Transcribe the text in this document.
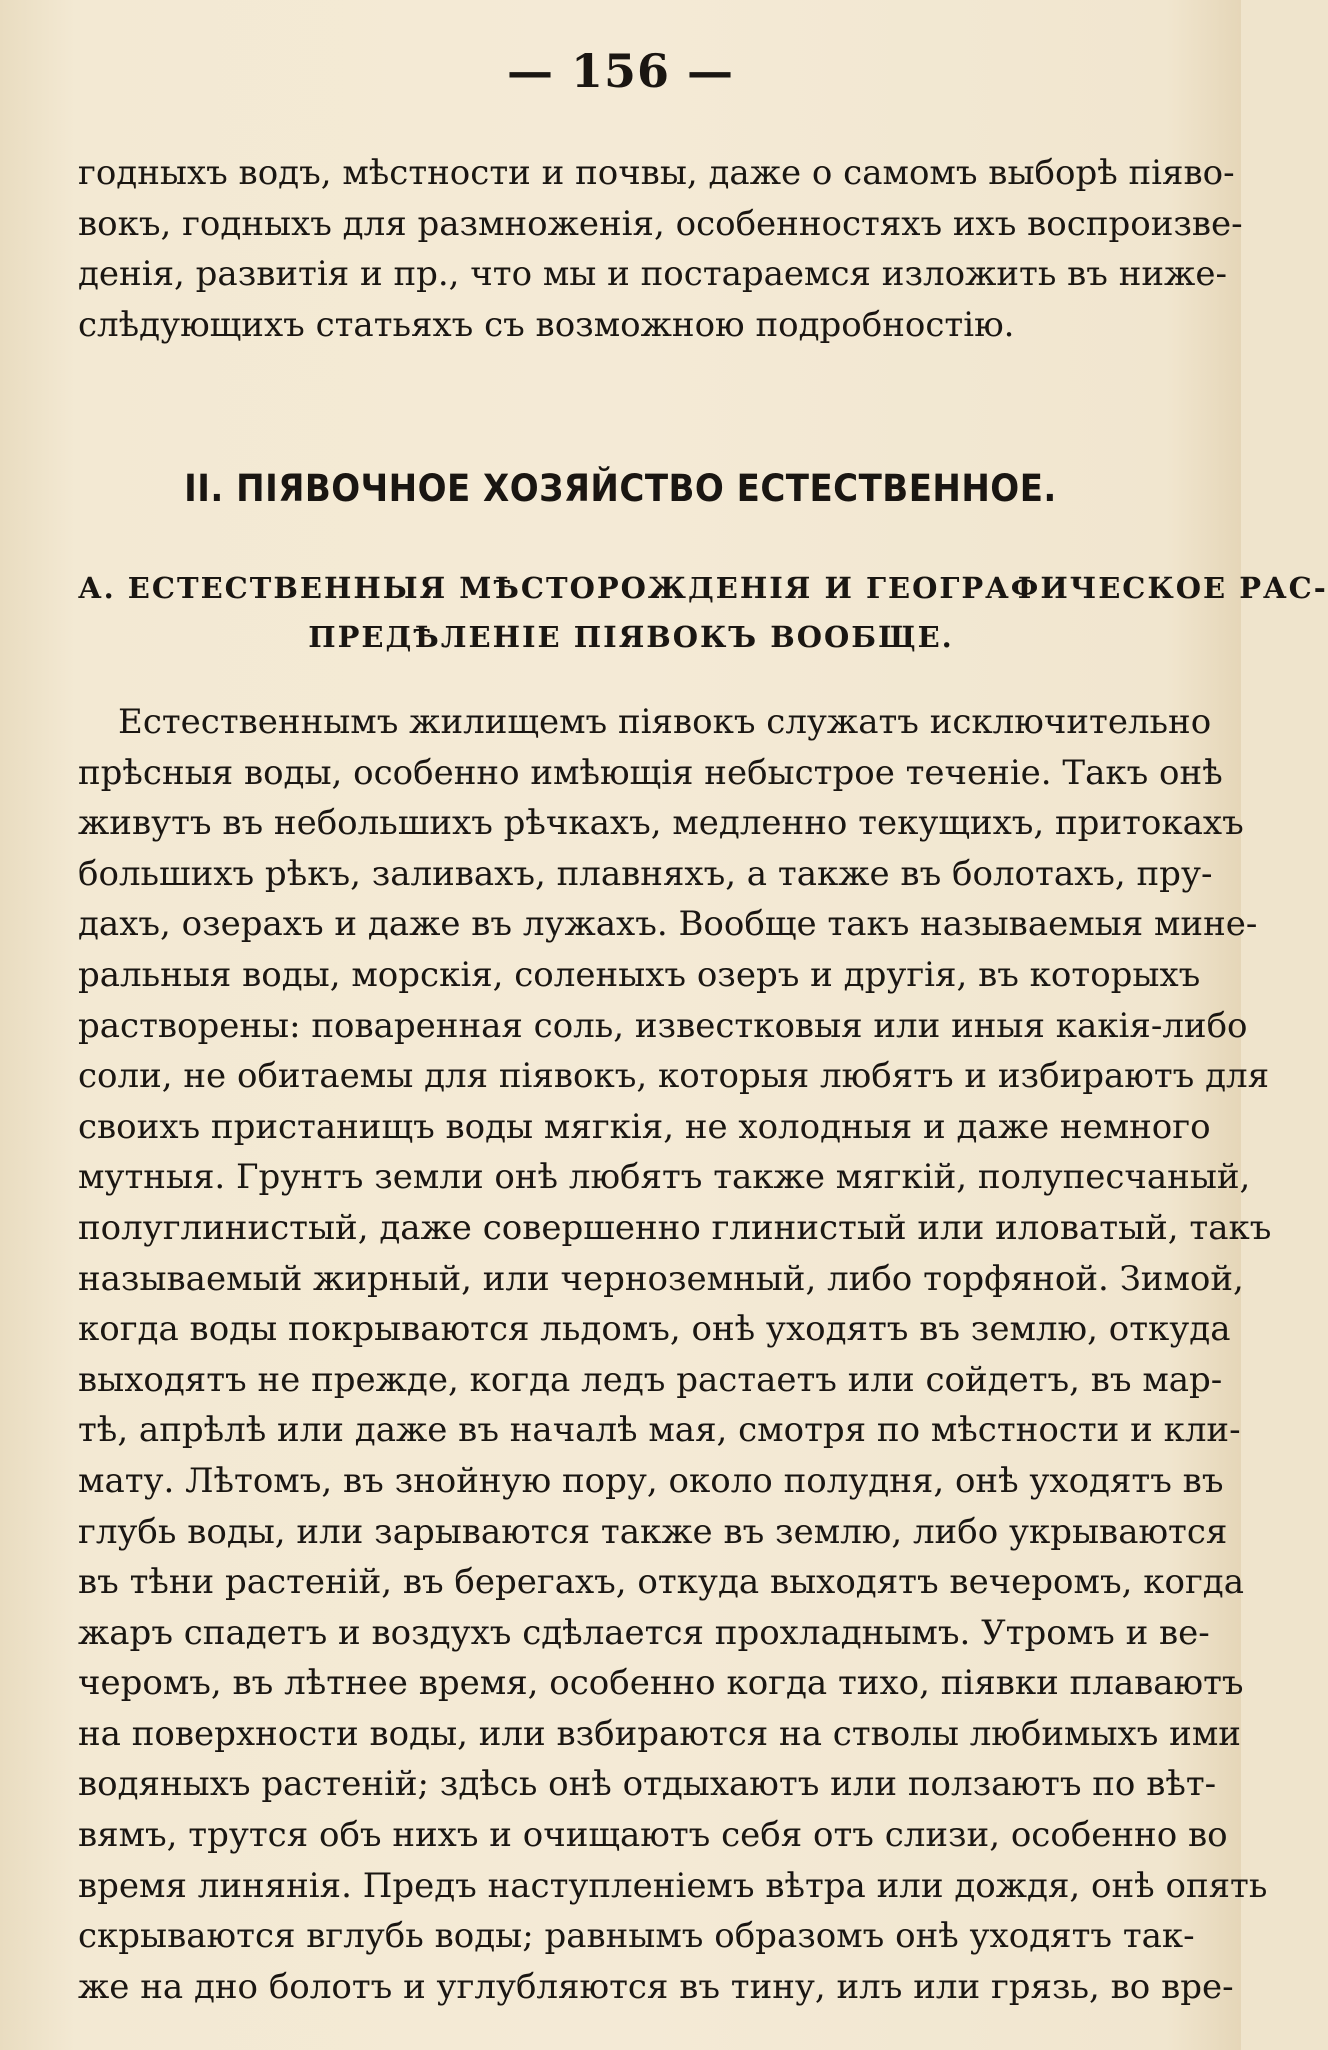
— 156 —
годныхъ водъ, мѣстности и почвы, даже о самомъ выборѣ піяво-
вокъ, годныхъ для размноженія, особенностяхъ ихъ воспроизве-
денія, развитія и пр., что мы и постараемся изложить въ ниже-
слѣдующихъ статьяхъ съ возможною подробностію.
II. ПІЯВОЧНОЕ ХОЗЯЙСТВО ЕСТЕСТВЕННОЕ.
А. ЕСТЕСТВЕННЫЯ МѢСТОРОЖДЕНІЯ И ГЕОГРАФИЧЕСКОЕ РАС-
ПРЕДѢЛЕНІЕ ПІЯВОКЪ ВООБЩЕ.
Естественнымъ жилищемъ піявокъ служатъ исключительно
прѣсныя воды, особенно имѣющія небыстрое теченіе. Такъ онѣ
живутъ въ небольшихъ рѣчкахъ, медленно текущихъ, притокахъ
большихъ рѣкъ, заливахъ, плавняхъ, а также въ болотахъ, пру-
дахъ, озерахъ и даже въ лужахъ. Вообще такъ называемыя мине-
ральныя воды, морскія, соленыхъ озеръ и другія, въ которыхъ
растворены: поваренная соль, известковыя или иныя какія-либо
соли, не обитаемы для піявокъ, которыя любятъ и избираютъ для
своихъ пристанищъ воды мягкія, не холодныя и даже немного
мутныя. Грунтъ земли онѣ любятъ также мягкій, полупесчаный,
полуглинистый, даже совершенно глинистый или иловатый, такъ
называемый жирный, или черноземный, либо торфяной. Зимой,
когда воды покрываются льдомъ, онѣ уходятъ въ землю, откуда
выходятъ не прежде, когда ледъ растаетъ или сойдетъ, въ мар-
тѣ, апрѣлѣ или даже въ началѣ мая, смотря по мѣстности и кли-
мату. Лѣтомъ, въ знойную пору, около полудня, онѣ уходятъ въ
глубь воды, или зарываются также въ землю, либо укрываются
въ тѣни растеній, въ берегахъ, откуда выходятъ вечеромъ, когда
жаръ спадетъ и воздухъ сдѣлается прохладнымъ. Утромъ и ве-
черомъ, въ лѣтнее время, особенно когда тихо, піявки плаваютъ
на поверхности воды, или взбираются на стволы любимыхъ ими
водяныхъ растеній; здѣсь онѣ отдыхаютъ или ползаютъ по вѣт-
вямъ, трутся объ нихъ и очищаютъ себя отъ слизи, особенно во
время линянія. Предъ наступленіемъ вѣтра или дождя, онѣ опять
скрываются вглубь воды; равнымъ образомъ онѣ уходятъ так-
же на дно болотъ и углубляются въ тину, илъ или грязь, во вре-
